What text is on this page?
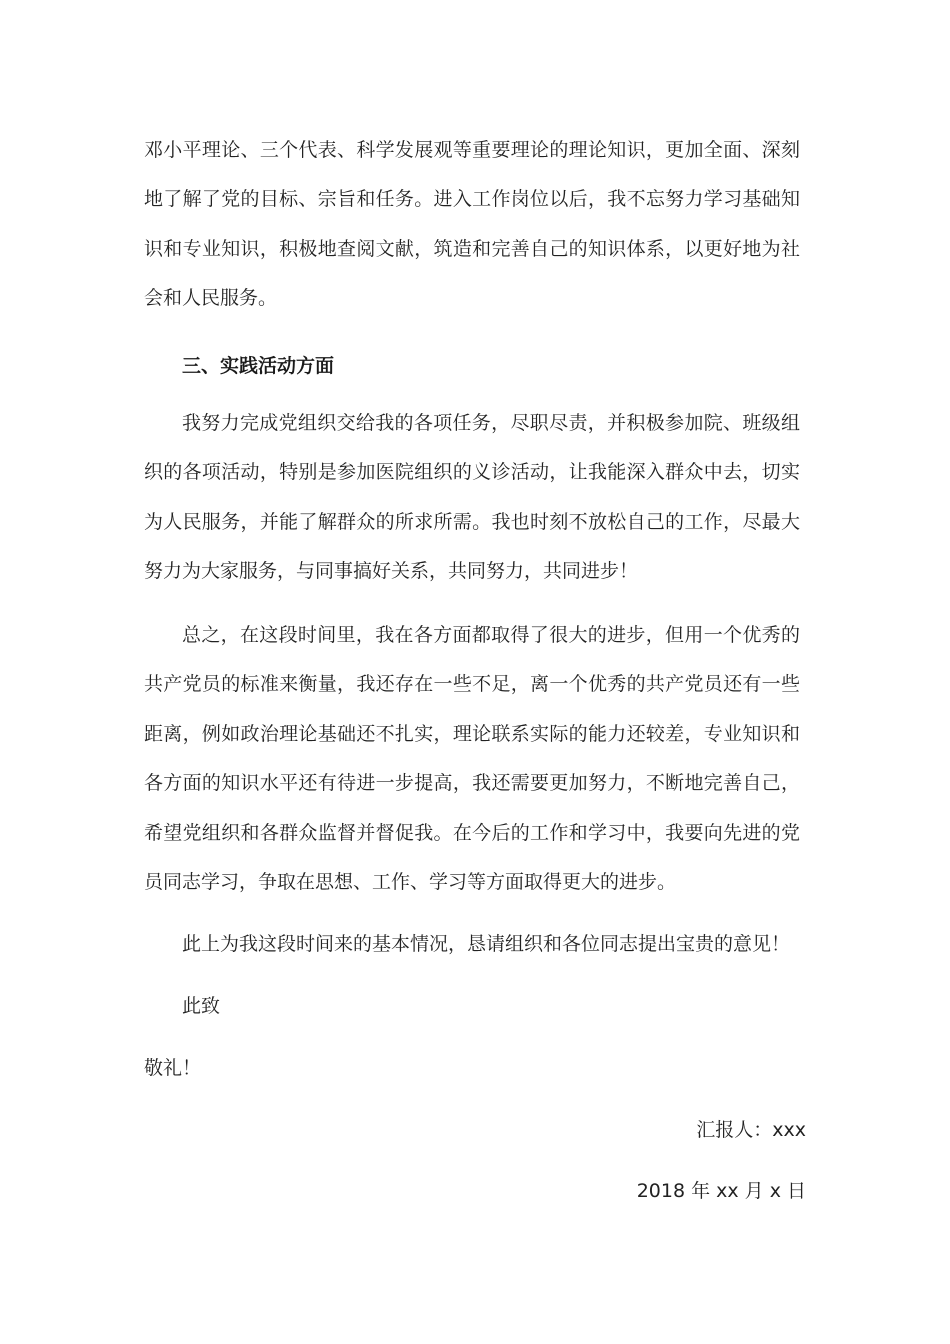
邓小平理论、三个代表、科学发展观等重要理论的理论知识，更加全面、深刻地了解了党的目标、宗旨和任务。进入工作岗位以后，我不忘努力学习基础知识和专业知识，积极地查阅文献，筑造和完善自己的知识体系，以更好地为社会和人民服务。

三、实践活动方面

我努力完成党组织交给我的各项任务，尽职尽责，并积极参加院、班级组织的各项活动，特别是参加医院组织的义诊活动，让我能深入群众中去，切实为人民服务，并能了解群众的所求所需。我也时刻不放松自己的工作，尽最大努力为大家服务，与同事搞好关系，共同努力，共同进步！

总之，在这段时间里，我在各方面都取得了很大的进步，但用一个优秀的共产党员的标准来衡量，我还存在一些不足，离一个优秀的共产党员还有一些距离，例如政治理论基础还不扎实，理论联系实际的能力还较差，专业知识和各方面的知识水平还有待进一步提高，我还需要更加努力，不断地完善自己，希望党组织和各群众监督并督促我。在今后的工作和学习中，我要向先进的党员同志学习，争取在思想、工作、学习等方面取得更大的进步。

此上为我这段时间来的基本情况，恳请组织和各位同志提出宝贵的意见！

此致

敬礼！

汇报人：xxx

2018 年 xx 月 x 日
